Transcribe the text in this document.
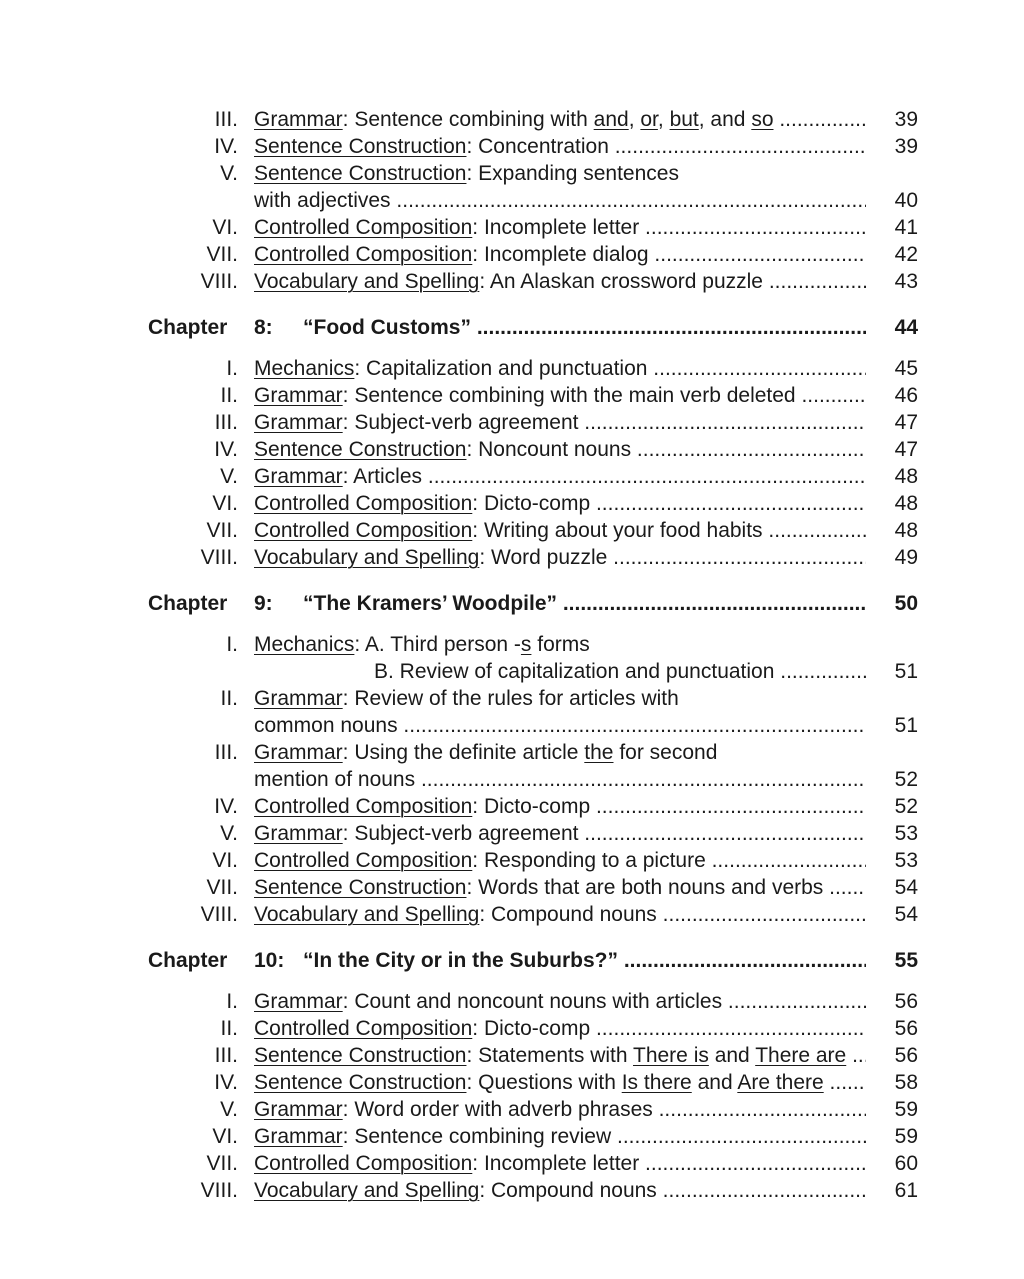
III. Grammar: Sentence combining with and, or, but, and so .....	39
IV. Sentence Construction: Concentration .....	39
V. Sentence Construction: Expanding sentences
with adjectives .....	40
VI. Controlled Composition: Incomplete letter .....	41
VII. Controlled Composition: Incomplete dialog .....	42
VIII. Vocabulary and Spelling: An Alaskan crossword puzzle .....	43
Chapter 8: “Food Customs” .....	44
I. Mechanics: Capitalization and punctuation .....	45
II. Grammar: Sentence combining with the main verb deleted .....	46
III. Grammar: Subject-verb agreement .....	47
IV. Sentence Construction: Noncount nouns .....	47
V. Grammar: Articles .....	48
VI. Controlled Composition: Dicto-comp .....	48
VII. Controlled Composition: Writing about your food habits .....	48
VIII. Vocabulary and Spelling: Word puzzle .....	49
Chapter 9: “The Kramers’ Woodpile” .....	50
I. Mechanics: A. Third person -s forms
B. Review of capitalization and punctuation .....	51
II. Grammar: Review of the rules for articles with
common nouns .....	51
III. Grammar: Using the definite article the for second
mention of nouns .....	52
IV. Controlled Composition: Dicto-comp .....	52
V. Grammar: Subject-verb agreement .....	53
VI. Controlled Composition: Responding to a picture .....	53
VII. Sentence Construction: Words that are both nouns and verbs .....	54
VIII. Vocabulary and Spelling: Compound nouns .....	54
Chapter 10: “In the City or in the Suburbs?” .....	55
I. Grammar: Count and noncount nouns with articles .....	56
II. Controlled Composition: Dicto-comp .....	56
III. Sentence Construction: Statements with There is and There are .....	56
IV. Sentence Construction: Questions with Is there and Are there .....	58
V. Grammar: Word order with adverb phrases .....	59
VI. Grammar: Sentence combining review .....	59
VII. Controlled Composition: Incomplete letter .....	60
VIII. Vocabulary and Spelling: Compound nouns .....	61
